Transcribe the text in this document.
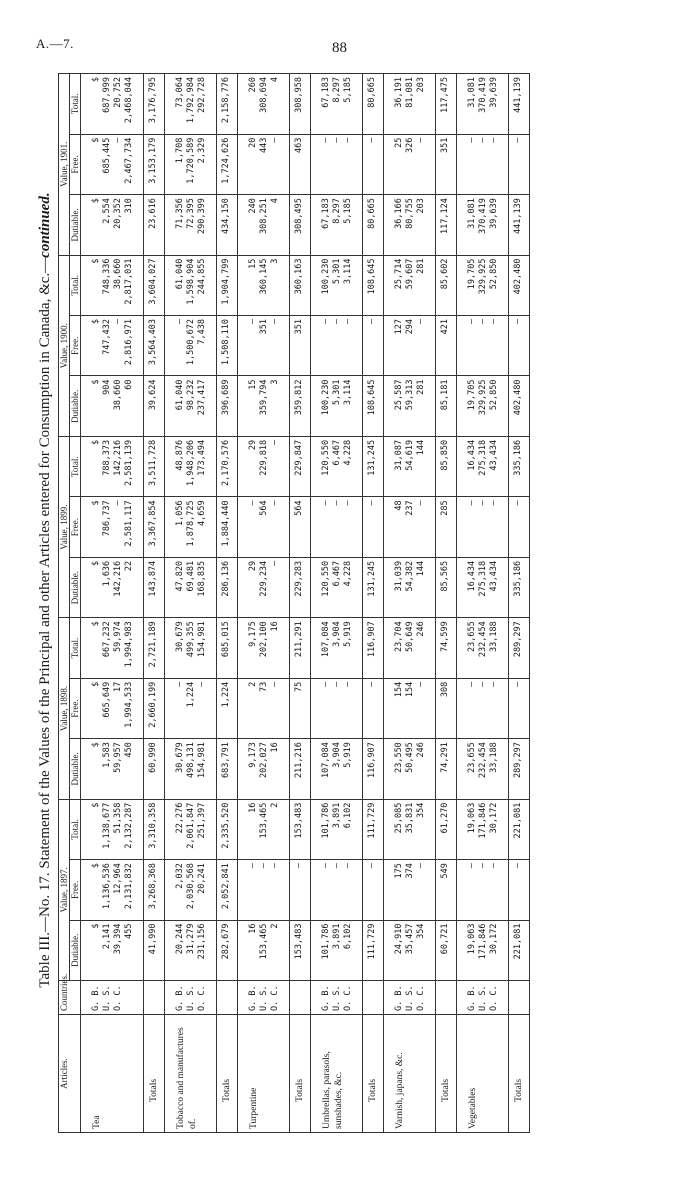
A.—7.	88
Table III.—No. 17. Statement of the Values of the Principal and other Articles entered for Consumption in Canada, &c.—continued.
Articles.	Countries.	Value, 1897.			Value, 1898.			Value, 1899.			Value, 1900.			Value, 1901.		
		Dutiable.	Free.	Total.	Dutiable.	Free.	Total.	Dutiable.	Free.	Total.	Dutiable.	Free.	Total.	Dutiable.	Free.	Total.
Tea	G. B.
U. S.
O. C.	$
2,141
39,394
455	$
1,136,536
12,964
2,131,832	$
1,138,677
51,358
2,132,287	$
1,583
59,957
450	$
665,649
17
1,994,533	$
667,232
59,974
1,994,983	$
1,636
142,216
22	$
786,737
—
2,581,117	$
788,373
142,216
2,581,139	$
904
38,660
60	$
747,432
—
2,816,971	$
748,336
38,660
2,817,031	$
2,554
20,352
310	$
685,445
—
2,467,734	$
687,999
20,752
2,468,044
Totals		41,990	3,268,368	3,310,358	60,990	2,660,199	2,721,189	143,874	3,367,854	3,511,728	39,624	3,564,403	3,604,027	23,616	3,153,179	3,176,795
Tobacco and manufactures of.	G. B.
U. S.
O. C.	20,244
31,279
231,156	2,032
2,030,568
20,241	22,276
2,061,847
251,397	30,679
498,131
154,981	—
1,224
—	30,679
499,355
154,981	47,820
69,481
168,835	1,056
1,878,725
4,659	48,876
1,948,206
173,494	61,040
98,232
237,417	—
1,500,672
7,438	61,040
1,598,904
244,855	71,356
72,395
290,399	1,708
1,720,589
2,329	73,064
1,792,984
292,728
Totals		282,679	2,052,841	2,335,520	683,791	1,224	685,015	286,136	1,884,440	2,170,576	396,689	1,508,110	1,904,799	434,150	1,724,626	2,158,776
Turpentine	G. B.
U. S.
O. C.	16
153,465
2	—
—
—	16
153,465
2	9,173
202,027
16	2
73
—	9,175
202,100
16	29
229,234
—	—
564
—	29
229,818
—	15
359,794
3	—
351
—	15
360,145
3	240
308,251
4	20
443
—	260
308,694
4
Totals		153,483	—	153,483	211,216	75	211,291	229,283	564	229,847	359,812	351	360,163	308,495	463	308,958
Umbrellas, parasols, sunshades, &c.	G. B.
U. S.
O. C.	101,786
3,891
6,102	—
—
—	101,786
3,891
6,102	107,084
3,904
5,919	—
—
—	107,084
3,904
5,919	120,550
6,467
4,228	—
—
—	120,550
6,467
4,228	100,230
5,301
3,114	—
—
—	100,230
5,301
3,114	67,183
8,297
5,185	—
—
—	67,183
8,297
5,185
Totals		111,729	—	111,729	116,907	—	116,907	131,245	—	131,245	108,645	—	108,645	80,665	—	80,665
Varnish, japans, &c.	G. B.
U. S.
O. C.	24,910
35,457
354	175
374
—	25,085
35,831
354	23,550
50,495
246	154
154
—	23,704
50,649
246	31,039
54,382
144	48
237
—	31,087
54,619
144	25,587
59,313
281	127
294
—	25,714
59,607
281	36,166
80,755
203	25
326
—	36,191
81,081
203
Totals		60,721	549	61,270	74,291	308	74,599	85,565	285	85,850	85,181	421	85,602	117,124	351	117,475
Vegetables	G. B.
U. S.
O. C.	19,063
171,846
30,172	—
—
—	19,063
171,846
30,172	23,655
232,454
33,188	—
—
—	23,655
232,454
33,188	16,434
275,318
43,434	—
—
—	16,434
275,318
43,434	19,705
329,925
52,850	—
—
—	19,705
329,925
52,850	31,081
370,419
39,639	—
—
—	31,081
370,419
39,639
Totals		221,081	—	221,081	289,297	—	289,297	335,186	—	335,186	402,480	—	402,480	441,139	—	441,139
